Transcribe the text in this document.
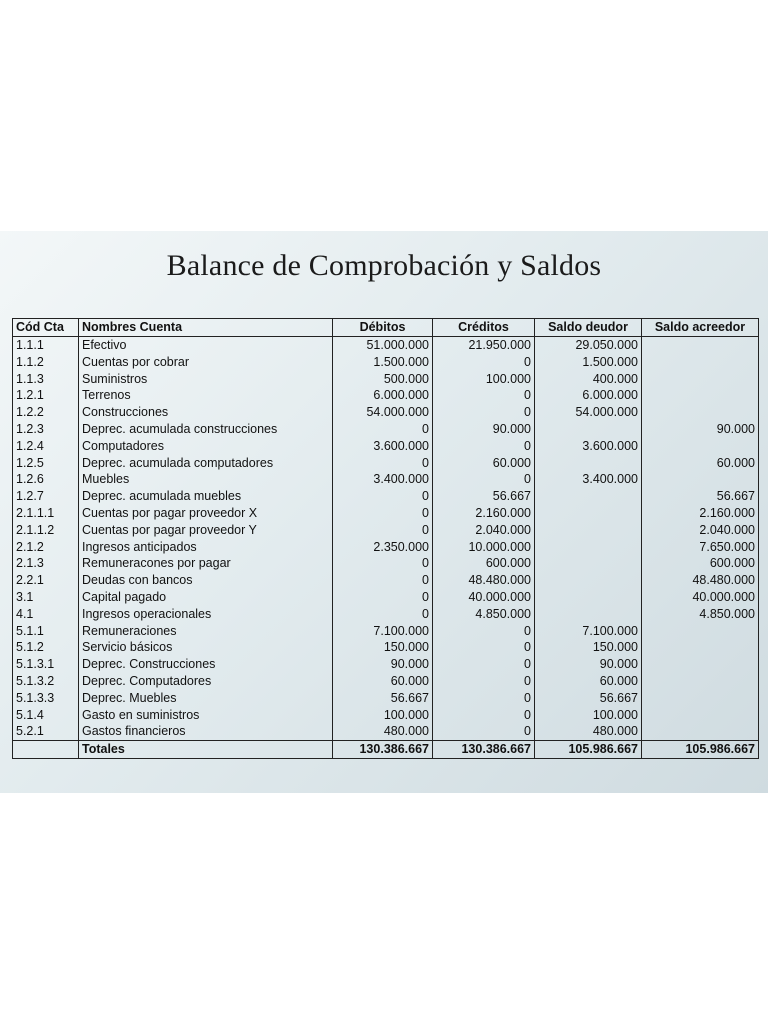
Balance de Comprobación y Saldos
Cód Cta	Nombres Cuenta	Débitos	Créditos	Saldo deudor	Saldo acreedor
1.1.1	Efectivo	51.000.000	21.950.000	29.050.000	
1.1.2	Cuentas por cobrar	1.500.000	0	1.500.000	
1.1.3	Suministros	500.000	100.000	400.000	
1.2.1	Terrenos	6.000.000	0	6.000.000	
1.2.2	Construcciones	54.000.000	0	54.000.000	
1.2.3	Deprec. acumulada construcciones	0	90.000		90.000
1.2.4	Computadores	3.600.000	0	3.600.000	
1.2.5	Deprec. acumulada computadores	0	60.000		60.000
1.2.6	Muebles	3.400.000	0	3.400.000	
1.2.7	Deprec. acumulada muebles	0	56.667		56.667
2.1.1.1	Cuentas por pagar proveedor X	0	2.160.000		2.160.000
2.1.1.2	Cuentas por pagar proveedor Y	0	2.040.000		2.040.000
2.1.2	Ingresos anticipados	2.350.000	10.000.000		7.650.000
2.1.3	Remuneracones por pagar	0	600.000		600.000
2.2.1	Deudas con bancos	0	48.480.000		48.480.000
3.1	Capital pagado	0	40.000.000		40.000.000
4.1	Ingresos operacionales	0	4.850.000		4.850.000
5.1.1	Remuneraciones	7.100.000	0	7.100.000	
5.1.2	Servicio básicos	150.000	0	150.000	
5.1.3.1	Deprec. Construcciones	90.000	0	90.000	
5.1.3.2	Deprec. Computadores	60.000	0	60.000	
5.1.3.3	Deprec. Muebles	56.667	0	56.667	
5.1.4	Gasto en suministros	100.000	0	100.000	
5.2.1	Gastos financieros	480.000	0	480.000	
	Totales	130.386.667	130.386.667	105.986.667	105.986.667
